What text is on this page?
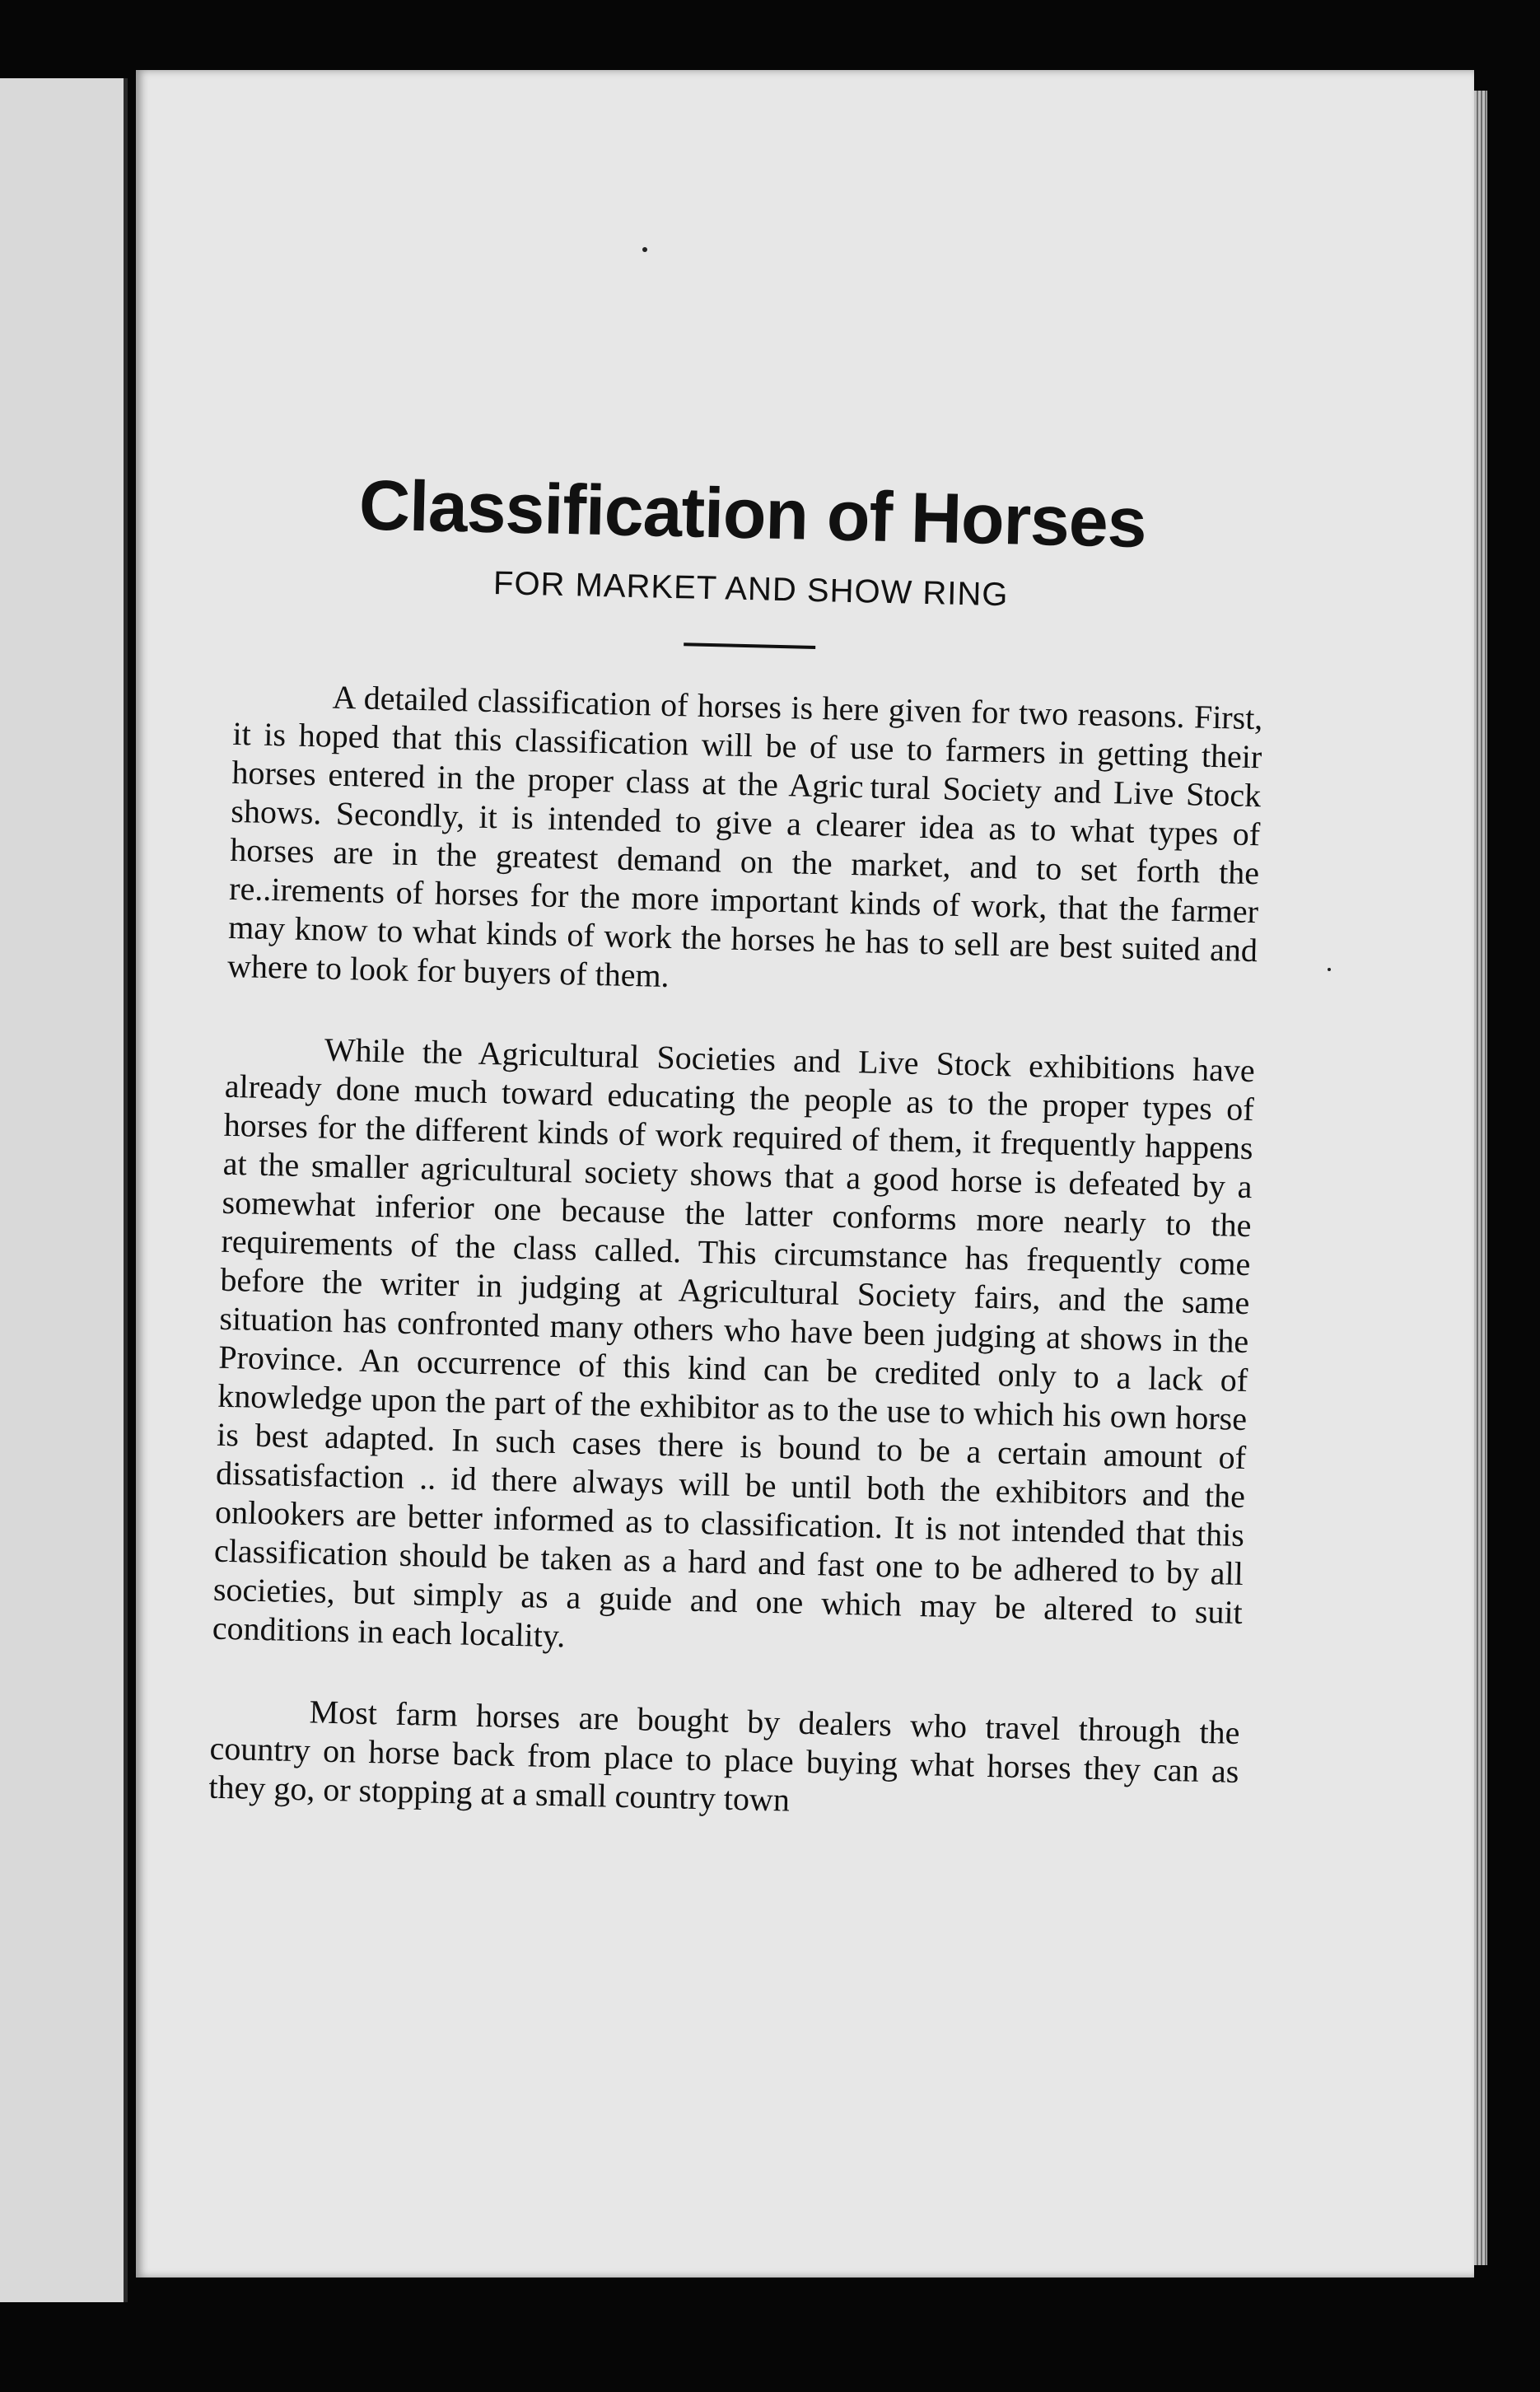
Classification of Horses
FOR MARKET AND SHOW RING

A detailed classification of horses is here given for two reasons. First, it is hoped that this classification will be of use to farmers in getting their horses entered in the proper class at the Agric tural Society and Live Stock shows. Secondly, it is intended to give a clearer idea as to what types of horses are in the greatest demand on the market, and to set forth the re..irements of horses for the more important kinds of work, that the farmer may know to what kinds of work the horses he has to sell are best suited and where to look for buyers of them.

While the Agricultural Societies and Live Stock exhibitions have already done much toward educating the people as to the proper types of horses for the different kinds of work required of them, it frequently happens at the smaller agricultural society shows that a good horse is defeated by a somewhat inferior one because the latter conforms more nearly to the requirements of the class called. This circumstance has frequently come before the writer in judging at Agricultural Society fairs, and the same situation has confronted many others who have been judging at shows in the Province. An occurrence of this kind can be credited only to a lack of knowledge upon the part of the exhibitor as to the use to which his own horse is best adapted. In such cases there is bound to be a certain amount of dissatisfaction .. id there always will be until both the exhibitors and the onlookers are better informed as to classification. It is not intended that this classification should be taken as a hard and fast one to be adhered to by all societies, but simply as a guide and one which may be altered to suit conditions in each locality.

Most farm horses are bought by dealers who travel through the country on horse back from place to place buying what horses they can as they go, or stopping at a small country town
